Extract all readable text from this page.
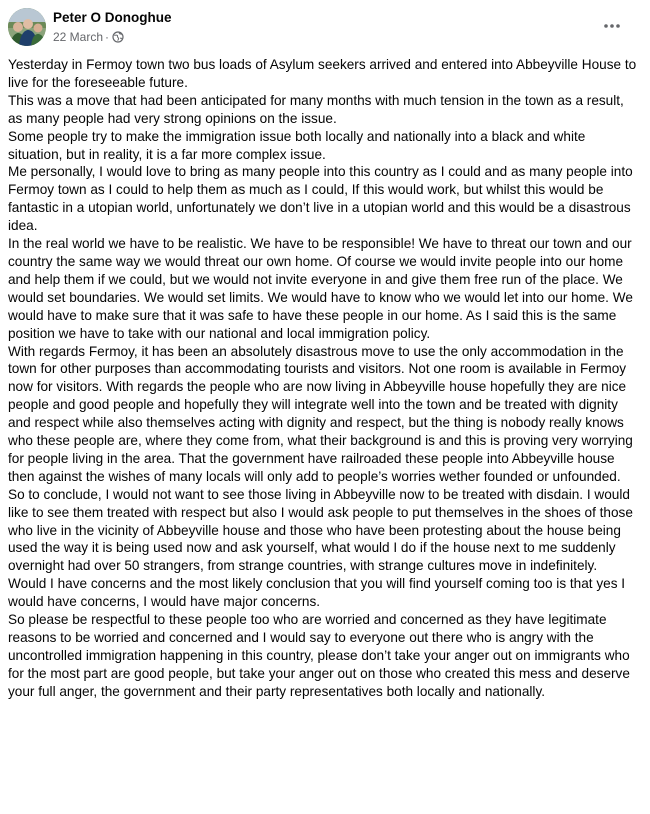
Peter O Donoghue
22 March ·

Yesterday in Fermoy town two bus loads of Asylum seekers arrived and entered into Abbeyville House to live for the foreseeable future.

This was a move that had been anticipated for many months with much tension in the town as a result, as many people had very strong opinions on the issue.

Some people try to make the immigration issue both locally and nationally into a black and white situation, but in reality, it is a far more complex issue.

Me personally, I would love to bring as many people into this country as I could and as many people into Fermoy town as I could to help them as much as I could, If this would work, but whilst this would be fantastic in a utopian world, unfortunately we don’t live in a utopian world and this would be a disastrous idea.

In the real world we have to be realistic. We have to be responsible! We have to threat our town and our country the same way we would threat our own home. Of course we would invite people into our home and help them if we could, but we would not invite everyone in and give them free run of the place. We would set boundaries. We would set limits. We would have to know who we would let into our home. We would have to make sure that it was safe to have these people in our home. As I said this is the same position we have to take with our national and local immigration policy.

With regards Fermoy, it has been an absolutely disastrous move to use the only accommodation in the town for other purposes than accommodating tourists and visitors. Not one room is available in Fermoy now for visitors. With regards the people who are now living in Abbeyville house hopefully they are nice people and good people and hopefully they will integrate well into the town and be treated with dignity and respect while also themselves acting with dignity and respect, but the thing is nobody really knows who these people are, where they come from, what their background is and this is proving very worrying for people living in the area. That the government have railroaded these people into Abbeyville house then against the wishes of many locals will only add to people’s worries wether founded or unfounded.

So to conclude, I would not want to see those living in Abbeyville now to be treated with disdain. I would like to see them treated with respect but also I would ask people to put themselves in the shoes of those who live in the vicinity of Abbeyville house and those who have been protesting about the house being used the way it is being used now and ask yourself, what would I do if the house next to me suddenly overnight had over 50 strangers, from strange countries, with strange cultures move in indefinitely. Would I have concerns and the most likely conclusion that you will find yourself coming too is that yes I would have concerns, I would have major concerns.

So please be respectful to these people too who are worried and concerned as they have legitimate reasons to be worried and concerned and I would say to everyone out there who is angry with the uncontrolled immigration happening in this country, please don’t take your anger out on immigrants who for the most part are good people, but take your anger out on those who created this mess and deserve your full anger, the government and their party representatives both locally and nationally.
